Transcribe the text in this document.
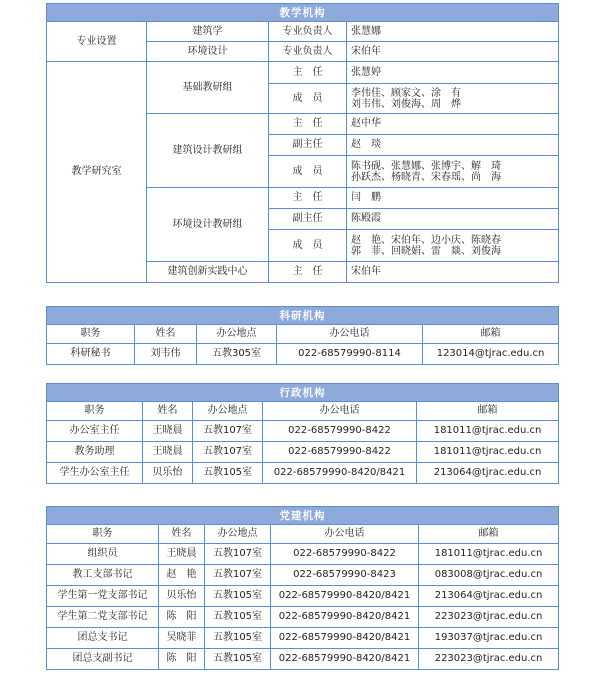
教学机构			
专业设置	建筑学	专业负责人	张慧娜
	环境设计	专业负责人	宋伯年
教学研究室	基础教研组	主　任	张慧婷
		成　员	李伟佳、顾家文、涂　有
刘韦伟、刘俊海、周　烨
	建筑设计教研组	主　任	赵中华
		副主任	赵　琰
		成　员	陈书砚、张慧娜、张博宇、解　琦
孙跃杰、杨晓青、宋春瑶、尚　海
	环境设计教研组	主　任	闫　鹏
		副主任	陈殿霞
		成　员	赵　艳、宋伯年、边小庆、陈晓春
郭　菲、回晓娟、雷　燚、刘俊海
	建筑创新实践中心	主　任	宋伯年
科研机构				
职务	姓名	办公地点	办公电话	邮箱
科研秘书	刘韦伟	五教305室	022-68579990-8114	123014@tjrac.edu.cn
行政机构				
职务	姓名	办公地点	办公电话	邮箱
办公室主任	王晓晨	五教107室	022-68579990-8422	181011@tjrac.edu.cn
教务助理	王晓晨	五教107室	022-68579990-8422	181011@tjrac.edu.cn
学生办公室主任	贝乐怡	五教105室	022-68579990-8420/8421	213064@tjrac.edu.cn
党建机构				
职务	姓名	办公地点	办公电话	邮箱
组织员	王晓晨	五教107室	022-68579990-8422	181011@tjrac.edu.cn
教工支部书记	赵　艳	五教107室	022-68579990-8423	083008@tjrac.edu.cn
学生第一党支部书记	贝乐怡	五教105室	022-68579990-8420/8421	213064@tjrac.edu.cn
学生第二党支部书记	陈　阳	五教105室	022-68579990-8420/8421	223023@tjrac.edu.cn
团总支书记	吴晓菲	五教105室	022-68579990-8420/8421	193037@tjrac.edu.cn
团总支副书记	陈　阳	五教105室	022-68579990-8420/8421	223023@tjrac.edu.cn
